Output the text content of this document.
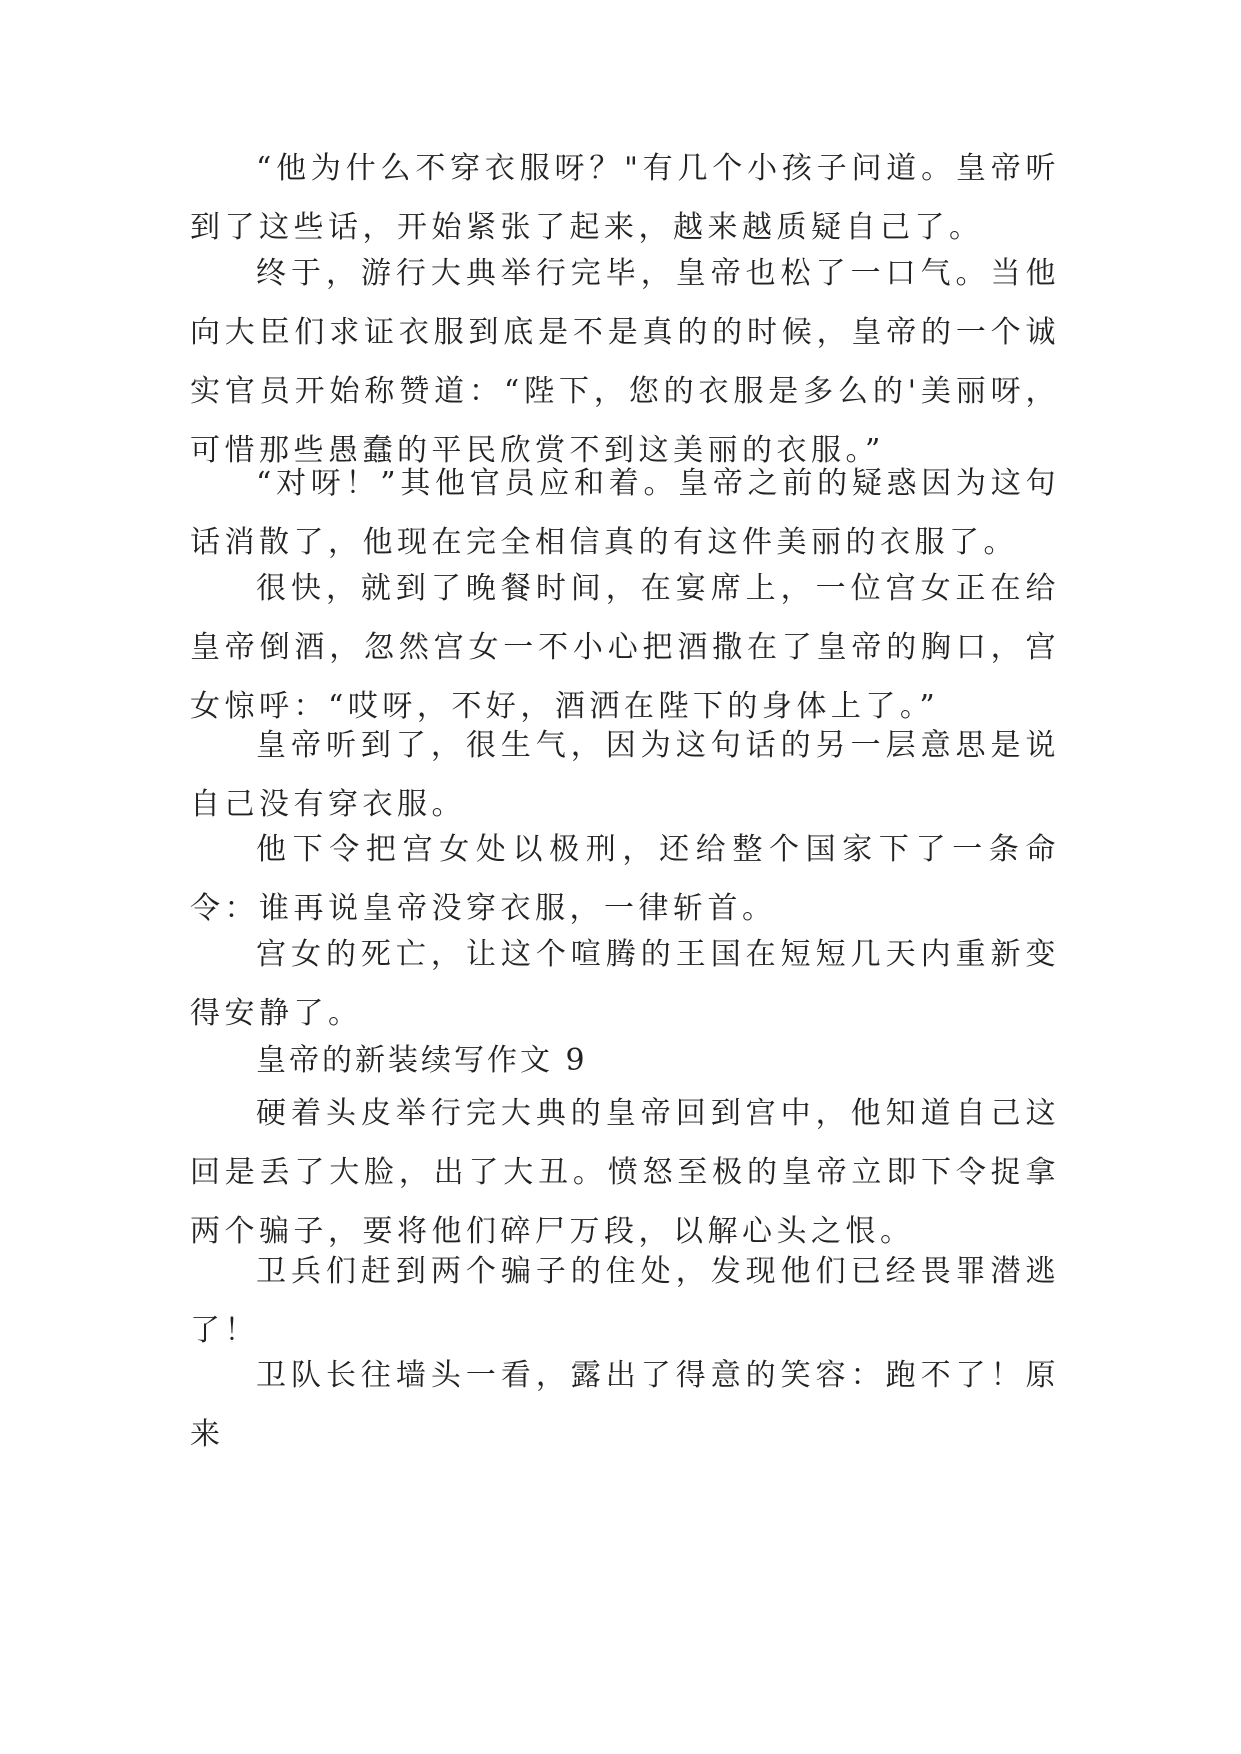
“他为什么不穿衣服呀？"有几个小孩子问道。皇帝听到了这些话，开始紧张了起来，越来越质疑自己了。

终于，游行大典举行完毕，皇帝也松了一口气。当他向大臣们求证衣服到底是不是真的的时候，皇帝的一个诚实官员开始称赞道：“陛下，您的衣服是多么的'美丽呀，可惜那些愚蠢的平民欣赏不到这美丽的衣服。”

“对呀！”其他官员应和着。皇帝之前的疑惑因为这句话消散了，他现在完全相信真的有这件美丽的衣服了。

很快，就到了晚餐时间，在宴席上，一位宫女正在给皇帝倒酒，忽然宫女一不小心把酒撒在了皇帝的胸口，宫女惊呼：“哎呀，不好，酒洒在陛下的身体上了。”

皇帝听到了，很生气，因为这句话的另一层意思是说自己没有穿衣服。

他下令把宫女处以极刑，还给整个国家下了一条命令：谁再说皇帝没穿衣服，一律斩首。

宫女的死亡，让这个喧腾的王国在短短几天内重新变得安静了。

皇帝的新装续写作文 9

硬着头皮举行完大典的皇帝回到宫中，他知道自己这回是丢了大脸，出了大丑。愤怒至极的皇帝立即下令捉拿两个骗子，要将他们碎尸万段，以解心头之恨。

卫兵们赶到两个骗子的住处，发现他们已经畏罪潜逃了！

卫队长往墙头一看，露出了得意的笑容：跑不了！原来
